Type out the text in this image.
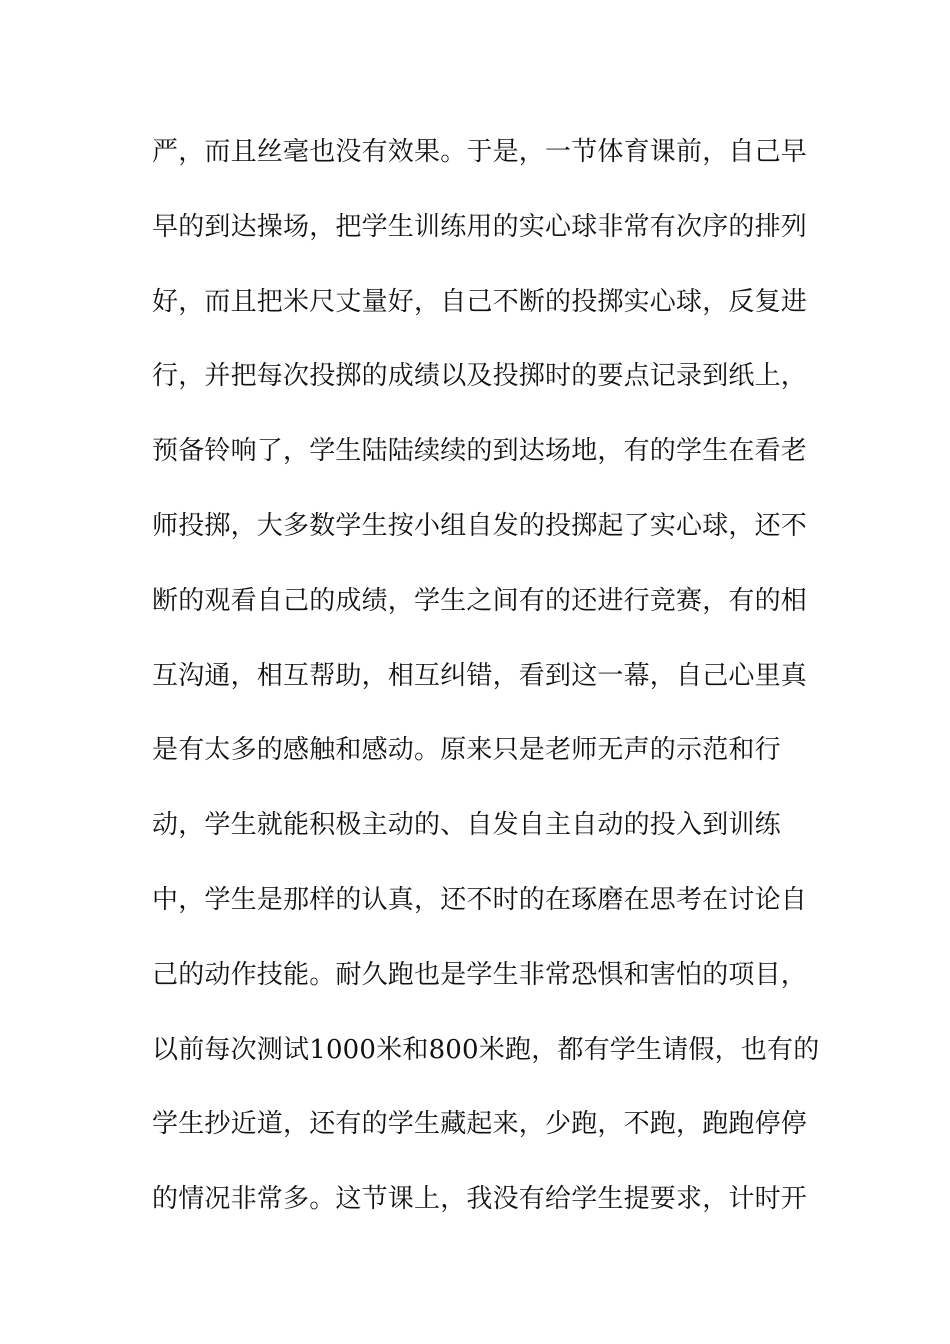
严，而且丝毫也没有效果。于是，一节体育课前，自己早
早的到达操场，把学生训练用的实心球非常有次序的排列
好，而且把米尺丈量好，自己不断的投掷实心球，反复进
行，并把每次投掷的成绩以及投掷时的要点记录到纸上，
预备铃响了，学生陆陆续续的到达场地，有的学生在看老
师投掷，大多数学生按小组自发的投掷起了实心球，还不
断的观看自己的成绩，学生之间有的还进行竞赛，有的相
互沟通，相互帮助，相互纠错，看到这一幕，自己心里真
是有太多的感触和感动。原来只是老师无声的示范和行
动，学生就能积极主动的、自发自主自动的投入到训练
中，学生是那样的认真，还不时的在琢磨在思考在讨论自
己的动作技能。耐久跑也是学生非常恐惧和害怕的项目，
以前每次测试1000米和800米跑，都有学生请假，也有的
学生抄近道，还有的学生藏起来，少跑，不跑，跑跑停停
的情况非常多。这节课上，我没有给学生提要求，计时开
